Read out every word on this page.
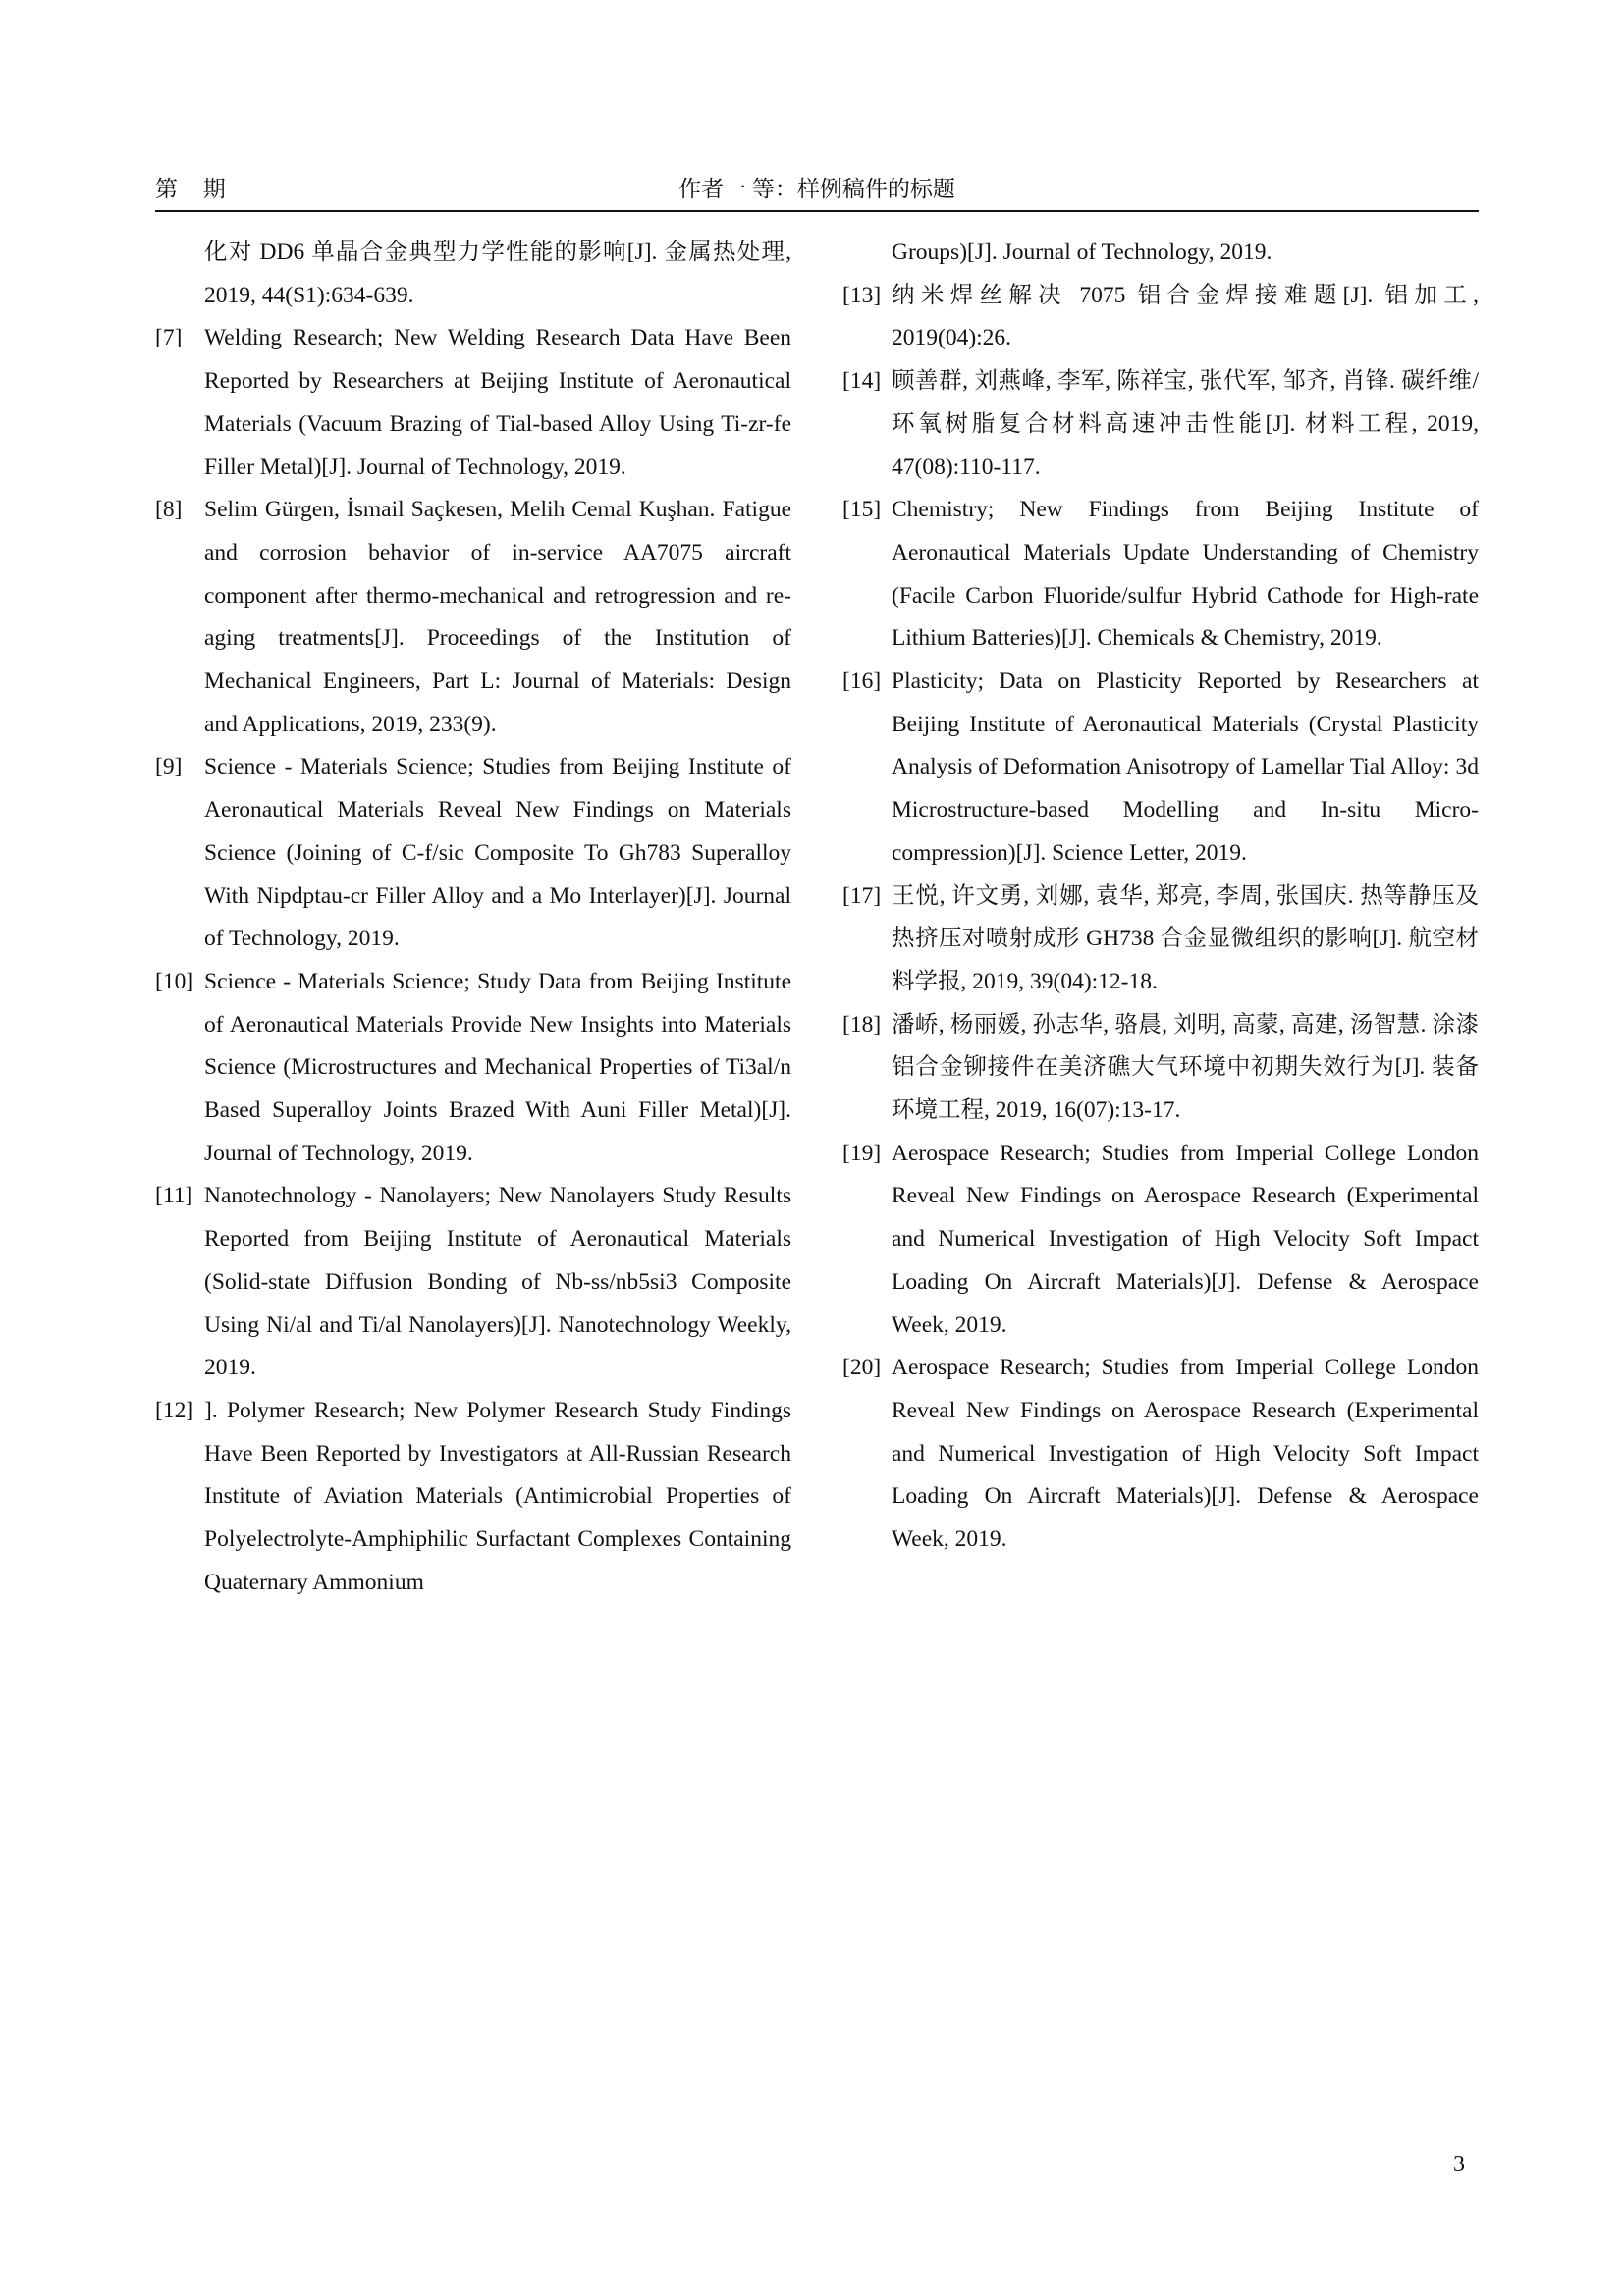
第 期	作者一 等：样例稿件的标题
化对 DD6 单晶合金典型力学性能的影响[J]. 金属热处理, 2019, 44(S1):634-639.
[7] Welding Research; New Welding Research Data Have Been Reported by Researchers at Beijing Institute of Aeronautical Materials (Vacuum Brazing of Tial-based Alloy Using Ti-zr-fe Filler Metal)[J]. Journal of Technology, 2019.
[8] Selim Gürgen, İsmail Saçkesen, Melih Cemal Kuşhan. Fatigue and corrosion behavior of in-service AA7075 aircraft component after thermo-mechanical and retrogression and re-aging treatments[J]. Proceedings of the Institution of Mechanical Engineers, Part L: Journal of Materials: Design and Applications, 2019, 233(9).
[9] Science - Materials Science; Studies from Beijing Institute of Aeronautical Materials Reveal New Findings on Materials Science (Joining of C-f/sic Composite To Gh783 Superalloy With Nipdptau-cr Filler Alloy and a Mo Interlayer)[J]. Journal of Technology, 2019.
[10] Science - Materials Science; Study Data from Beijing Institute of Aeronautical Materials Provide New Insights into Materials Science (Microstructures and Mechanical Properties of Ti3al/n Based Superalloy Joints Brazed With Auni Filler Metal)[J]. Journal of Technology, 2019.
[11] Nanotechnology - Nanolayers; New Nanolayers Study Results Reported from Beijing Institute of Aeronautical Materials (Solid-state Diffusion Bonding of Nb-ss/nb5si3 Composite Using Ni/al and Ti/al Nanolayers)[J]. Nanotechnology Weekly, 2019.
[12] ]. Polymer Research; New Polymer Research Study Findings Have Been Reported by Investigators at All-Russian Research Institute of Aviation Materials (Antimicrobial Properties of Polyelectrolyte-Amphiphilic Surfactant Complexes Containing Quaternary Ammonium
Groups)[J]. Journal of Technology, 2019.
[13] 纳米焊丝解决 7075 铝合金焊接难题[J]. 铝加工, 2019(04):26.
[14] 顾善群, 刘燕峰, 李军, 陈祥宝, 张代军, 邹齐, 肖锋. 碳纤维/环氧树脂复合材料高速冲击性能[J]. 材料工程, 2019, 47(08):110-117.
[15] Chemistry; New Findings from Beijing Institute of Aeronautical Materials Update Understanding of Chemistry (Facile Carbon Fluoride/sulfur Hybrid Cathode for High-rate Lithium Batteries)[J]. Chemicals & Chemistry, 2019.
[16] Plasticity; Data on Plasticity Reported by Researchers at Beijing Institute of Aeronautical Materials (Crystal Plasticity Analysis of Deformation Anisotropy of Lamellar Tial Alloy: 3d Microstructure-based Modelling and In-situ Micro-compression)[J]. Science Letter, 2019.
[17] 王悦, 许文勇, 刘娜, 袁华, 郑亮, 李周, 张国庆. 热等静压及热挤压对喷射成形 GH738 合金显微组织的影响[J]. 航空材料学报, 2019, 39(04):12-18.
[18] 潘峤, 杨丽媛, 孙志华, 骆晨, 刘明, 高蒙, 高建, 汤智慧. 涂漆铝合金铆接件在美济礁大气环境中初期失效行为[J]. 装备环境工程, 2019, 16(07):13-17.
[19] Aerospace Research; Studies from Imperial College London Reveal New Findings on Aerospace Research (Experimental and Numerical Investigation of High Velocity Soft Impact Loading On Aircraft Materials)[J]. Defense & Aerospace Week, 2019.
[20] Aerospace Research; Studies from Imperial College London Reveal New Findings on Aerospace Research (Experimental and Numerical Investigation of High Velocity Soft Impact Loading On Aircraft Materials)[J]. Defense & Aerospace Week, 2019.
3
